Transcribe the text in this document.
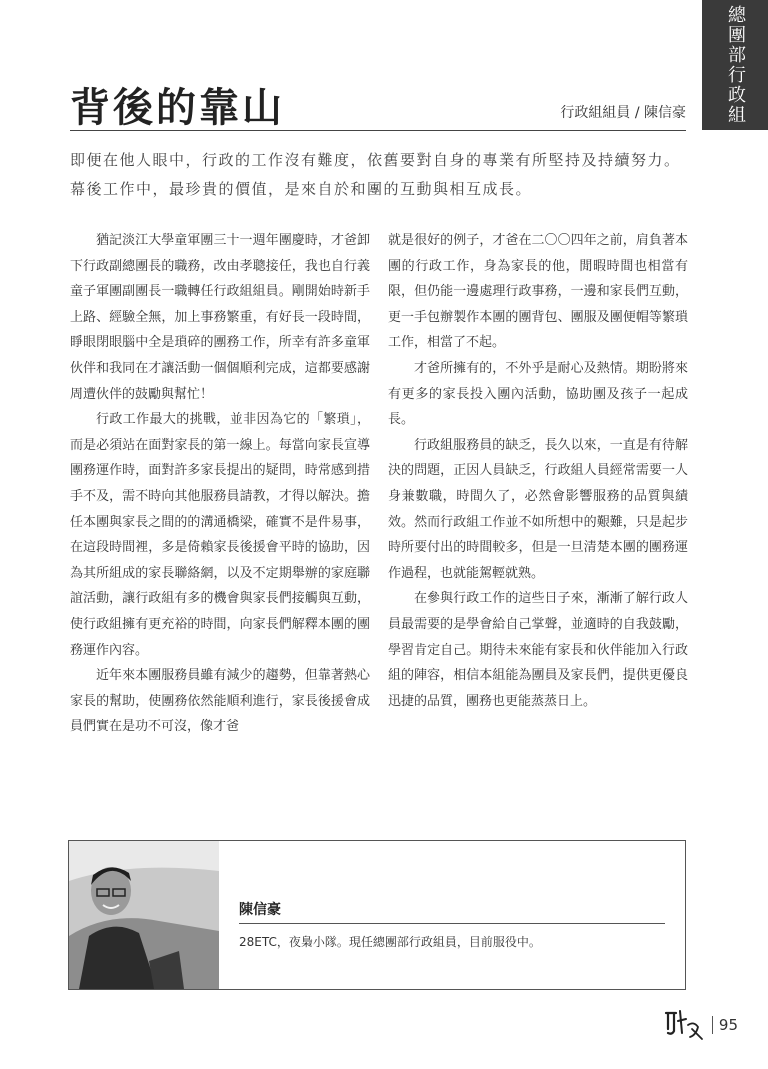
總團部行政組
背後的靠山	行政組組員 / 陳信豪

即便在他人眼中，行政的工作沒有難度，依舊要對自身的專業有所堅持及持續努力。幕後工作中，最珍貴的價值，是來自於和團的互動與相互成長。

猶記淡江大學童軍團三十一週年團慶時，才爸卸下行政副總團長的職務，改由孝聰接任，我也自行義童子軍團副團長一職轉任行政組組員。剛開始時新手上路、經驗全無，加上事務繁重，有好長一段時間，睜眼閉眼腦中全是瑣碎的團務工作，所幸有許多童軍伙伴和我同在才讓活動一個個順利完成，這都要感謝周遭伙伴的鼓勵與幫忙！

行政工作最大的挑戰，並非因為它的「繁瑣」，而是必須站在面對家長的第一線上。每當向家長宣導團務運作時，面對許多家長提出的疑問，時常感到措手不及，需不時向其他服務員請教，才得以解決。擔任本團與家長之間的的溝通橋梁，確實不是件易事，在這段時間裡，多是倚賴家長後援會平時的協助，因為其所組成的家長聯絡網，以及不定期舉辦的家庭聯誼活動，讓行政組有多的機會與家長們接觸與互動，使行政組擁有更充裕的時間，向家長們解釋本團的團務運作內容。

近年來本團服務員雖有減少的趨勢，但靠著熱心家長的幫助，使團務依然能順利進行，家長後援會成員們實在是功不可沒，像才爸

就是很好的例子，才爸在二〇〇四年之前，肩負著本團的行政工作，身為家長的他，閒暇時間也相當有限，但仍能一邊處理行政事務，一邊和家長們互動，更一手包辦製作本團的團背包、團服及團便帽等繁瑣工作，相當了不起。

才爸所擁有的，不外乎是耐心及熱情。期盼將來有更多的家長投入團內活動，協助團及孩子一起成長。

行政組服務員的缺乏，長久以來，一直是有待解決的問題，正因人員缺乏，行政組人員經常需要一人身兼數職，時間久了，必然會影響服務的品質與績效。然而行政組工作並不如所想中的艱難，只是起步時所要付出的時間較多，但是一旦清楚本團的團務運作過程，也就能駕輕就熟。

在參與行政工作的這些日子來，漸漸了解行政人員最需要的是學會給自己掌聲，並適時的自我鼓勵，學習肯定自己。期待未來能有家長和伙伴能加入行政組的陣容，相信本組能為團員及家長們，提供更優良迅捷的品質，團務也更能蒸蒸日上。

陳信豪
28ETC，夜梟小隊。現任總團部行政組員，目前服役中。
95
